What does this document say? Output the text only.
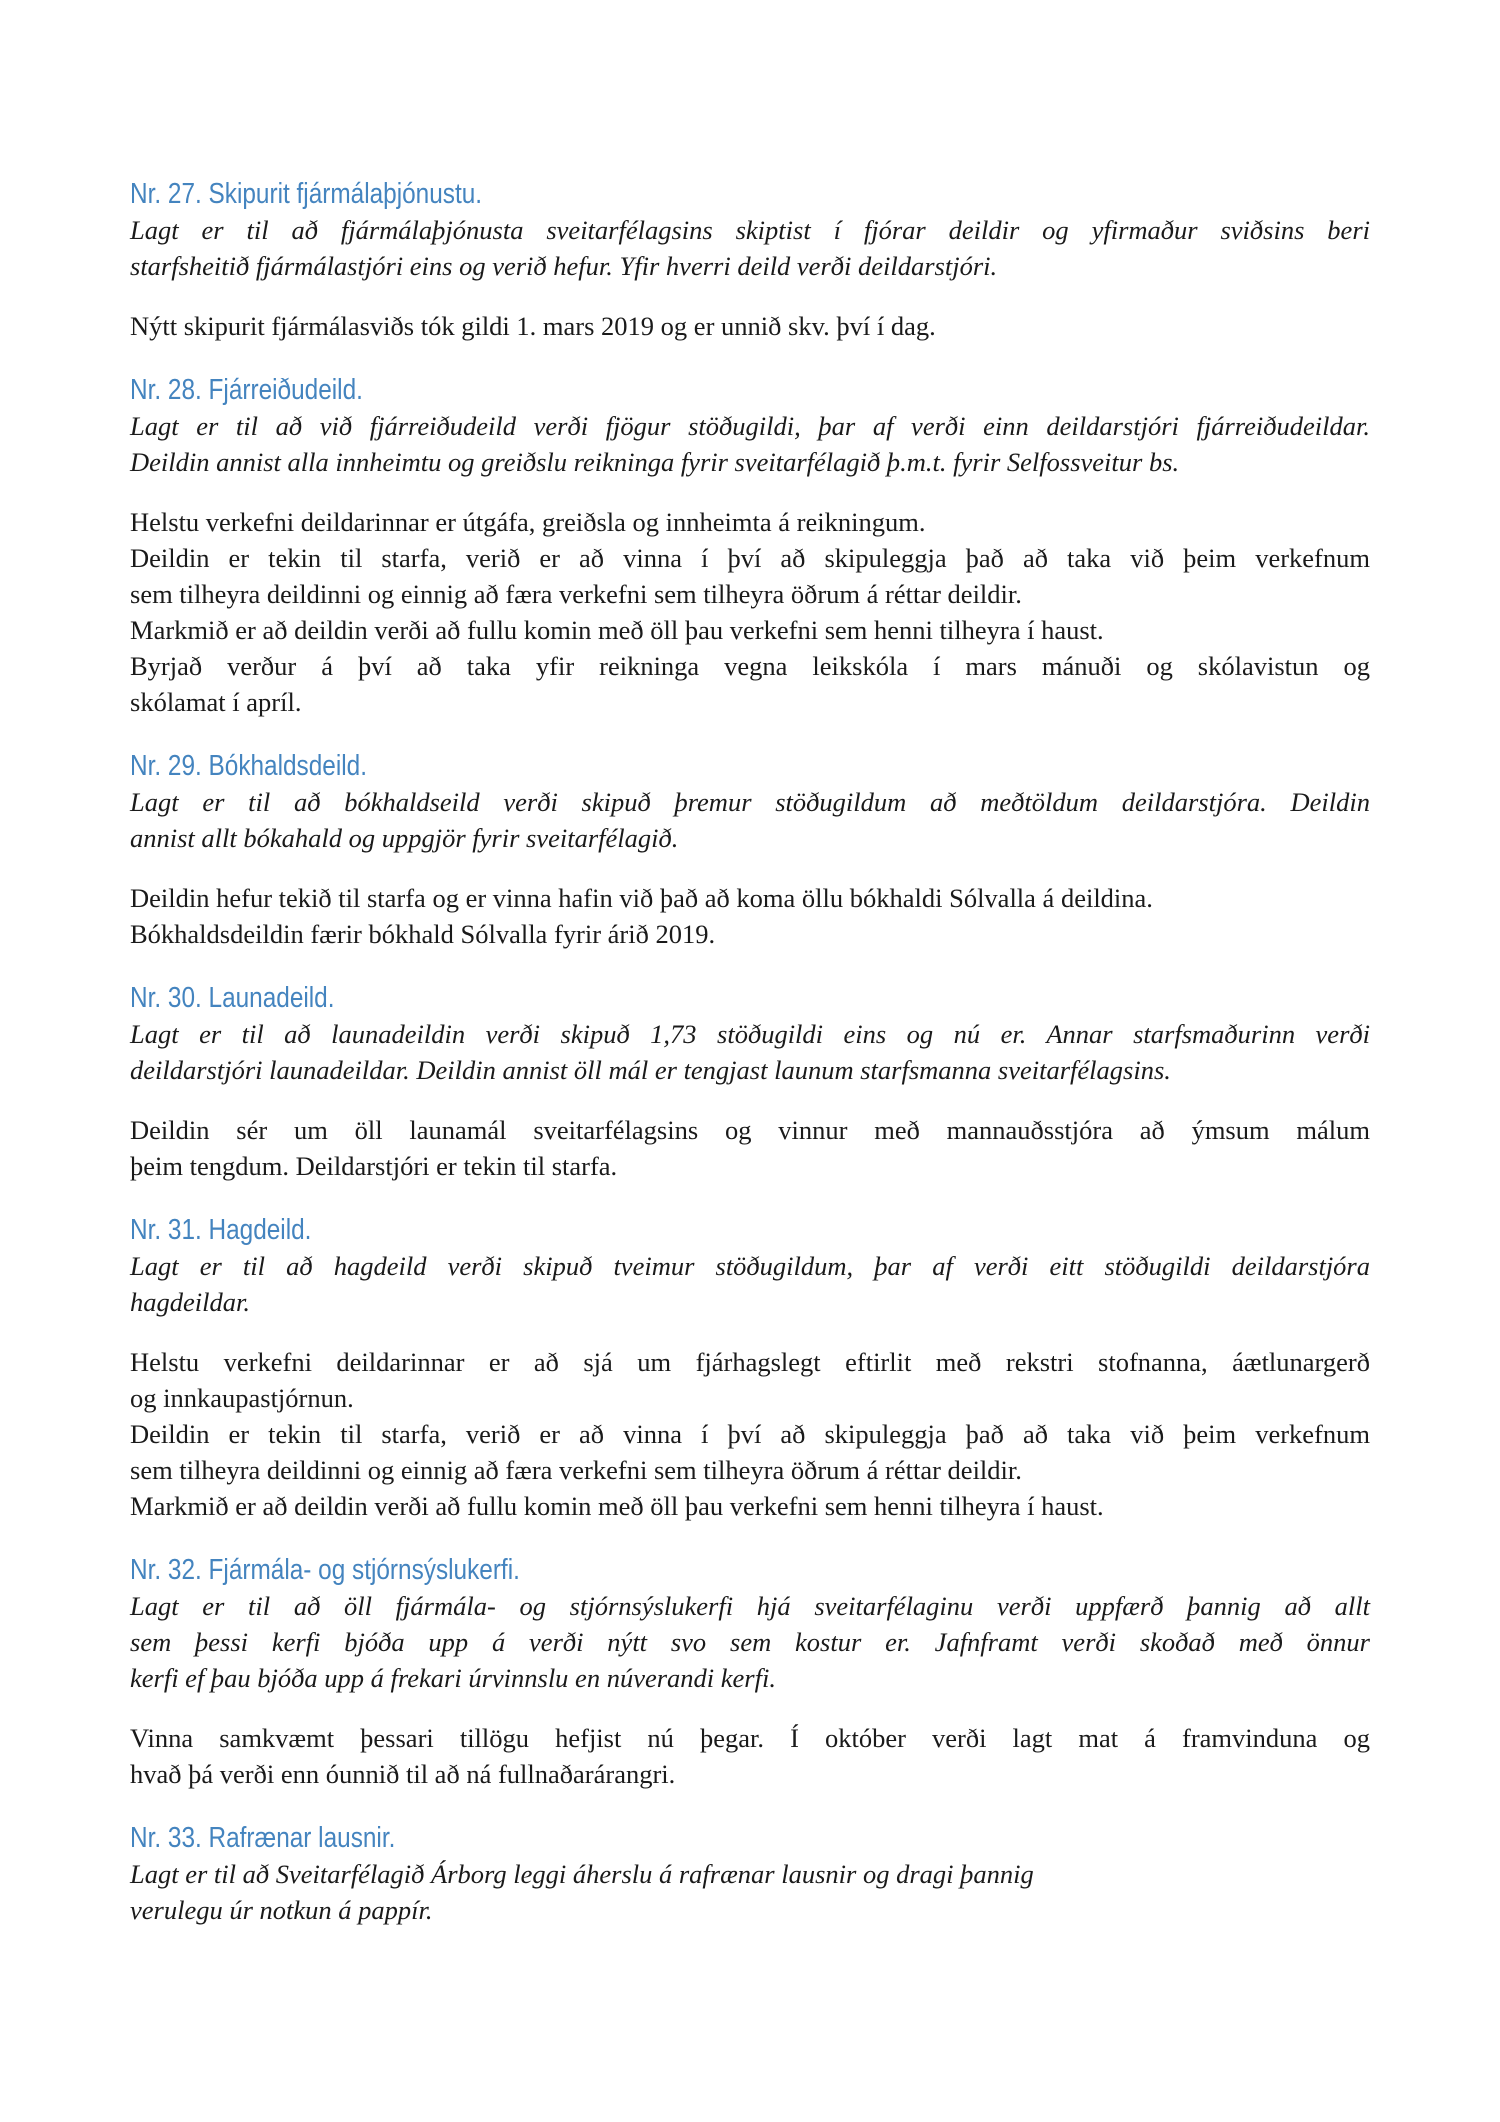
Nr. 27. Skipurit fjármálaþjónustu.
Lagt er til að fjármálaþjónusta sveitarfélagsins skiptist í fjórar deildir og yfirmaður sviðsins beri
starfsheitið fjármálastjóri eins og verið hefur. Yfir hverri deild verði deildarstjóri.
Nýtt skipurit fjármálasviðs tók gildi 1. mars 2019 og er unnið skv. því í dag.
Nr. 28. Fjárreiðudeild.
Lagt er til að við fjárreiðudeild verði fjögur stöðugildi, þar af verði einn deildarstjóri fjárreiðudeildar.
Deildin annist alla innheimtu og greiðslu reikninga fyrir sveitarfélagið þ.m.t. fyrir Selfossveitur bs.
Helstu verkefni deildarinnar er útgáfa, greiðsla og innheimta á reikningum.
Deildin er tekin til starfa, verið er að vinna í því að skipuleggja það að taka við þeim verkefnum
sem tilheyra deildinni og einnig að færa verkefni sem tilheyra öðrum á réttar deildir.
Markmið er að deildin verði að fullu komin með öll þau verkefni sem henni tilheyra í haust.
Byrjað verður á því að taka yfir reikninga vegna leikskóla í mars mánuði og skólavistun og
skólamat í apríl.
Nr. 29. Bókhaldsdeild.
Lagt er til að bókhaldseild verði skipuð þremur stöðugildum að meðtöldum deildarstjóra. Deildin
annist allt bókahald og uppgjör fyrir sveitarfélagið.
Deildin hefur tekið til starfa og er vinna hafin við það að koma öllu bókhaldi Sólvalla á deildina.
Bókhaldsdeildin færir bókhald Sólvalla fyrir árið 2019.
Nr. 30. Launadeild.
Lagt er til að launadeildin verði skipuð 1,73 stöðugildi eins og nú er. Annar starfsmaðurinn verði
deildarstjóri launadeildar. Deildin annist öll mál er tengjast launum starfsmanna sveitarfélagsins.
Deildin sér um öll launamál sveitarfélagsins og vinnur með mannauðsstjóra að ýmsum málum
þeim tengdum. Deildarstjóri er tekin til starfa.
Nr. 31. Hagdeild.
Lagt er til að hagdeild verði skipuð tveimur stöðugildum, þar af verði eitt stöðugildi deildarstjóra
hagdeildar.
Helstu verkefni deildarinnar er að sjá um fjárhagslegt eftirlit með rekstri stofnanna, áætlunargerð
og innkaupastjórnun.
Deildin er tekin til starfa, verið er að vinna í því að skipuleggja það að taka við þeim verkefnum
sem tilheyra deildinni og einnig að færa verkefni sem tilheyra öðrum á réttar deildir.
Markmið er að deildin verði að fullu komin með öll þau verkefni sem henni tilheyra í haust.
Nr. 32. Fjármála- og stjórnsýslukerfi.
Lagt er til að öll fjármála- og stjórnsýslukerfi hjá sveitarfélaginu verði uppfærð þannig að allt
sem þessi kerfi bjóða upp á verði nýtt svo sem kostur er. Jafnframt verði skoðað með önnur
kerfi ef þau bjóða upp á frekari úrvinnslu en núverandi kerfi.
Vinna samkvæmt þessari tillögu hefjist nú þegar. Í október verði lagt mat á framvinduna og
hvað þá verði enn óunnið til að ná fullnaðarárangri.
Nr. 33. Rafrænar lausnir.
Lagt er til að Sveitarfélagið Árborg leggi áherslu á rafrænar lausnir og dragi þannig
verulegu úr notkun á pappír.
